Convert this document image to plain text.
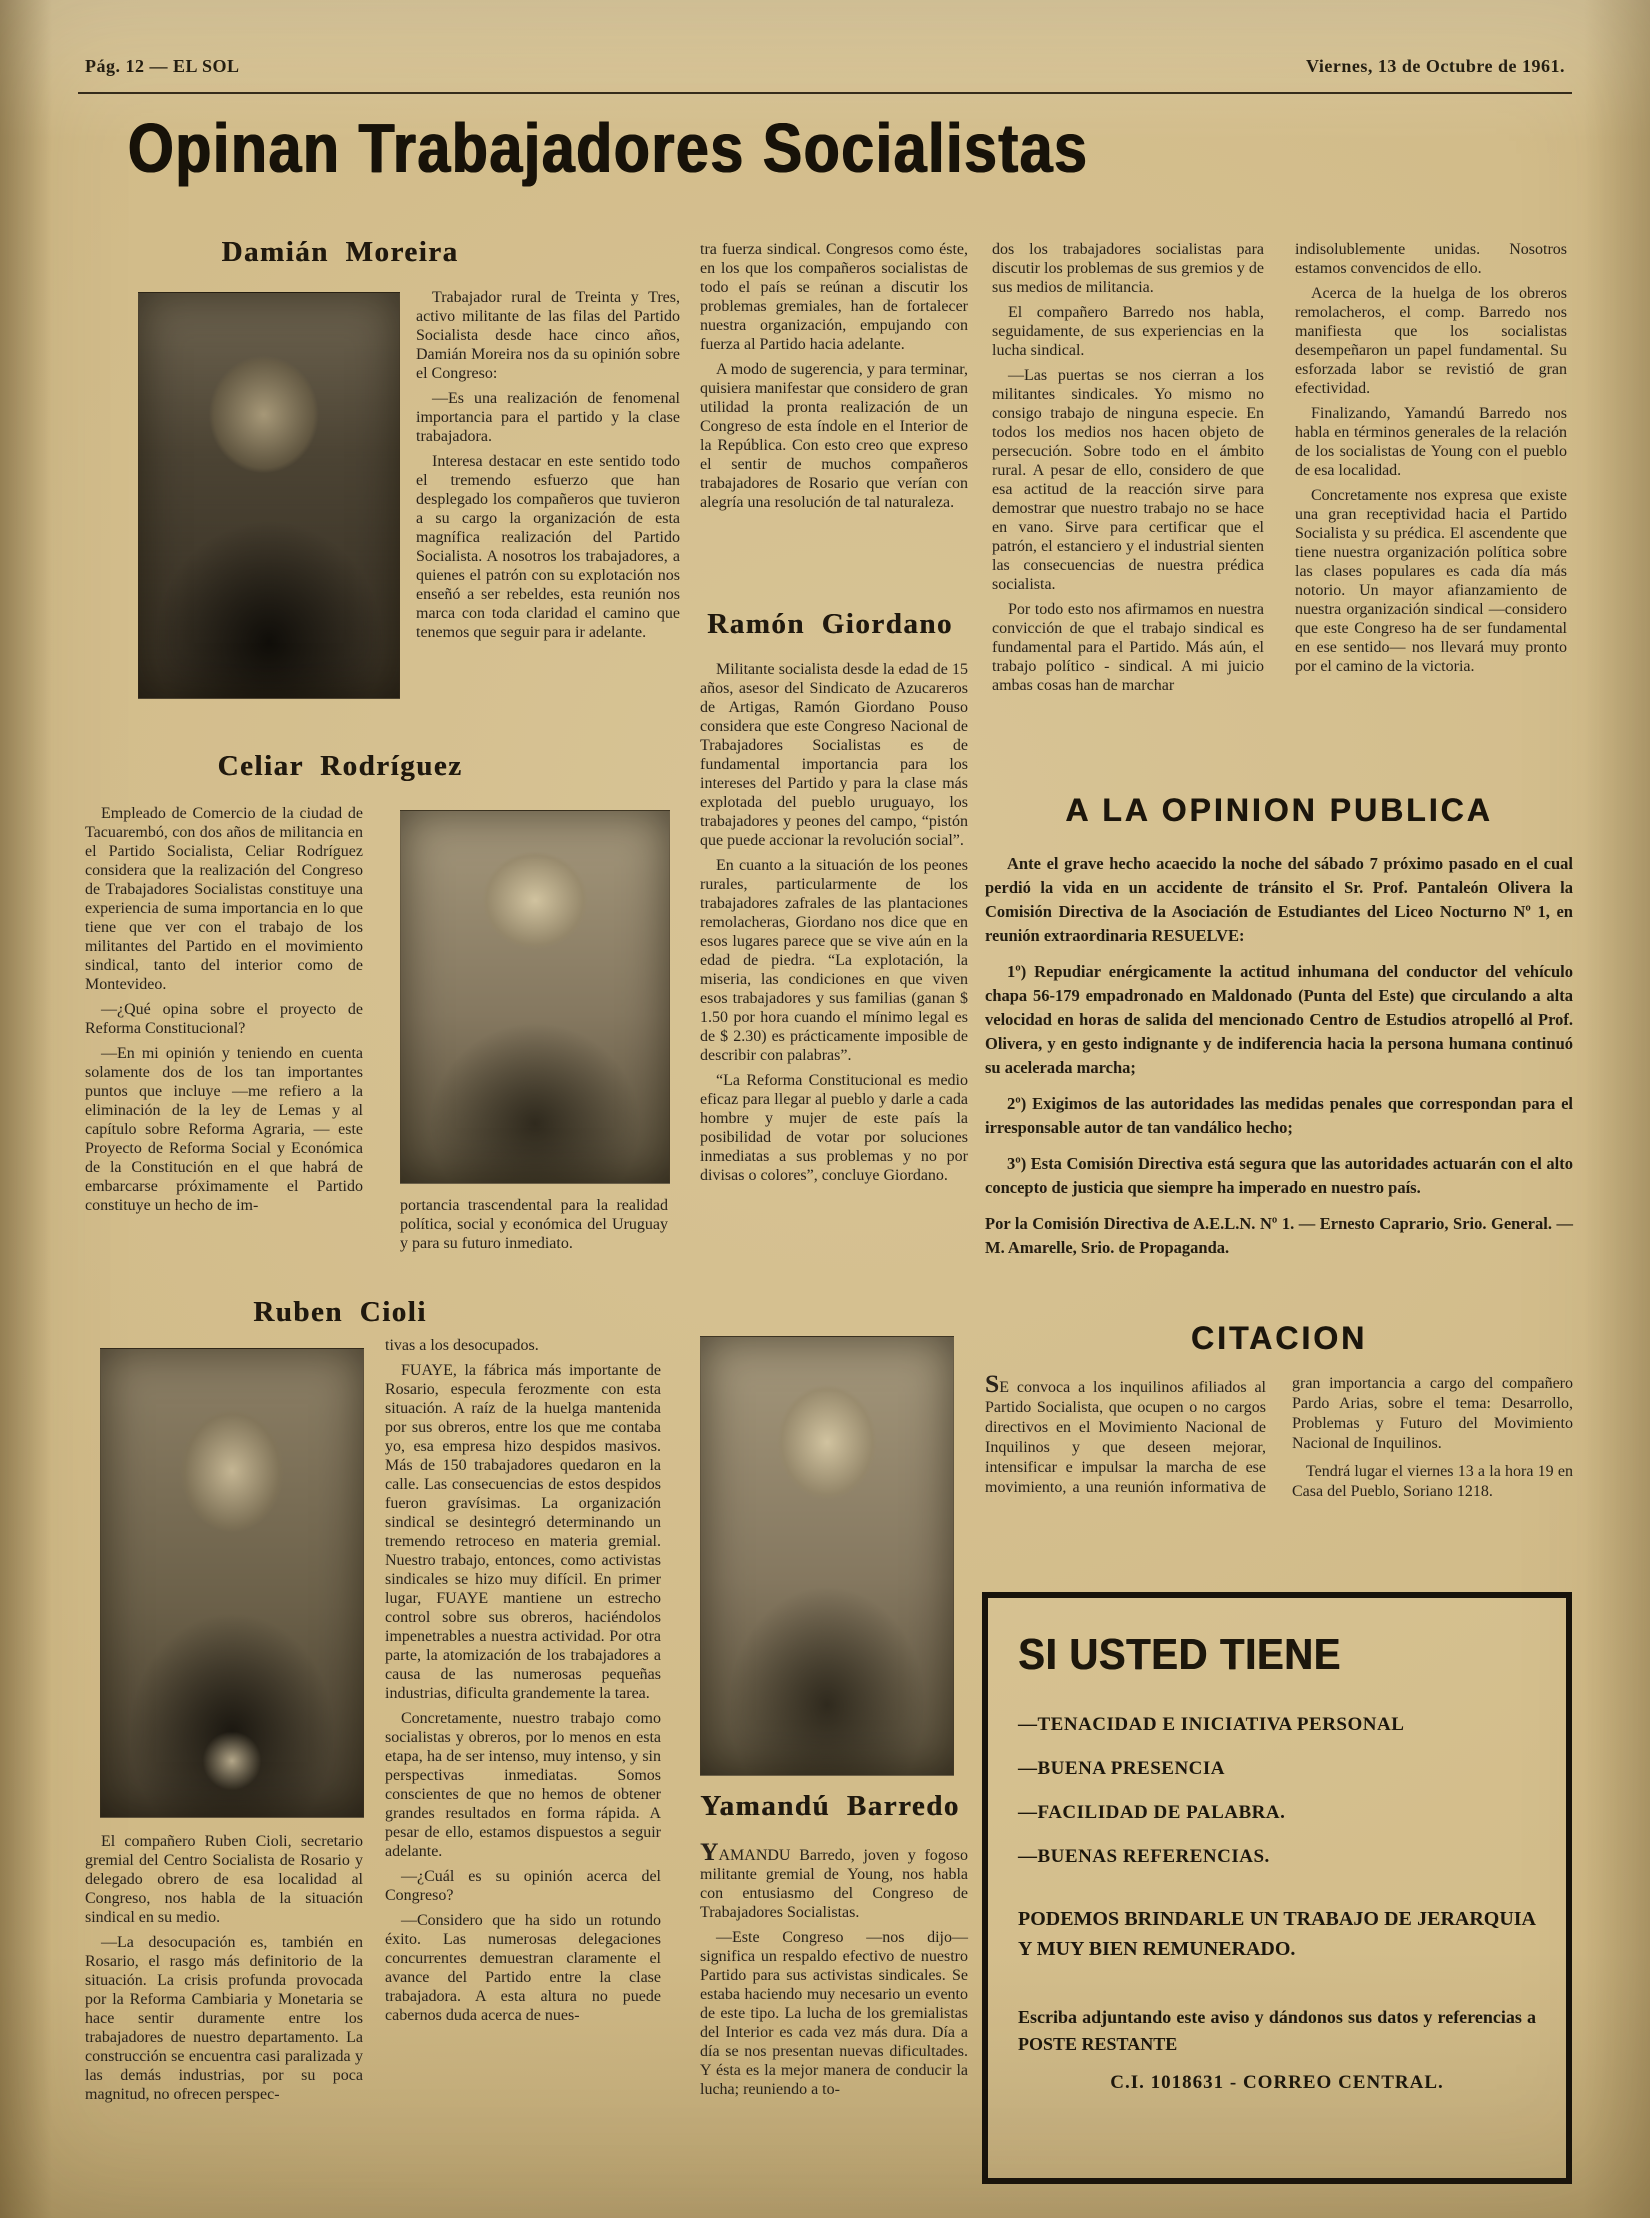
Pág. 12 — EL SOL	Viernes, 13 de Octubre de 1961.
Opinan Trabajadores Socialistas
Damián Moreira

Trabajador rural de Treinta y Tres, activo militante de las filas del Partido Socialista desde hace cinco años, Damián Moreira nos da su opinión sobre el Congreso:

—Es una realización de fenomenal importancia para el partido y la clase trabajadora.

Interesa destacar en este sentido todo el tremendo esfuerzo que han desplegado los compañeros que tuvieron a su cargo la organización de esta magnífica realización del Partido Socialista. A nosotros los trabajadores, a quienes el patrón con su explotación nos enseñó a ser rebeldes, esta reunión nos marca con toda claridad el camino que tenemos que seguir para ir adelante.

Celiar Rodríguez

Empleado de Comercio de la ciudad de Tacuarembó, con dos años de militancia en el Partido Socialista, Celiar Rodríguez considera que la realización del Congreso de Trabajadores Socialistas constituye una experiencia de suma importancia en lo que tiene que ver con el trabajo de los militantes del Partido en el movimiento sindical, tanto del interior como de Montevideo.

—¿Qué opina sobre el proyecto de Reforma Constitucional?

—En mi opinión y teniendo en cuenta solamente dos de los tan importantes puntos que incluye —me refiero a la eliminación de la ley de Lemas y al capítulo sobre Reforma Agraria, — este Proyecto de Reforma Social y Económica de la Constitución en el que habrá de embarcarse próximamente el Partido constituye un hecho de im-	portancia trascendental para la realidad política, social y económica del Uruguay y para su futuro inmediato.

tra fuerza sindical. Congresos como éste, en los que los compañeros socialistas de todo el país se reúnan a discutir los problemas gremiales, han de fortalecer nuestra organización, empujando con fuerza al Partido hacia adelante.

A modo de sugerencia, y para terminar, quisiera manifestar que considero de gran utilidad la pronta realización de un Congreso de esta índole en el Interior de la República. Con esto creo que expreso el sentir de muchos compañeros trabajadores de Rosario que verían con alegría una resolución de tal naturaleza.

Ramón Giordano

Militante socialista desde la edad de 15 años, asesor del Sindicato de Azucareros de Artigas, Ramón Giordano Pouso considera que este Congreso Nacional de Trabajadores Socialistas es de fundamental importancia para los intereses del Partido y para la clase más explotada del pueblo uruguayo, los trabajadores y peones del campo, “pistón que puede accionar la revolución social”.

En cuanto a la situación de los peones rurales, particularmente de los trabajadores zafrales de las plantaciones remolacheras, Giordano nos dice que en esos lugares parece que se vive aún en la edad de piedra. “La explotación, la miseria, las condiciones en que viven esos trabajadores y sus familias (ganan $ 1.50 por hora cuando el mínimo legal es de $ 2.30) es prácticamente imposible de describir con palabras”.

“La Reforma Constitucional es medio eficaz para llegar al pueblo y darle a cada hombre y mujer de este país la posibilidad de votar por soluciones inmediatas a sus problemas y no por divisas o colores”, concluye Giordano.

dos los trabajadores socialistas para discutir los problemas de sus gremios y de sus medios de militancia.

El compañero Barredo nos habla, seguidamente, de sus experiencias en la lucha sindical.

—Las puertas se nos cierran a los militantes sindicales. Yo mismo no consigo trabajo de ninguna especie. En todos los medios nos hacen objeto de persecución. Sobre todo en el ámbito rural. A pesar de ello, considero de que esa actitud de la reacción sirve para demostrar que nuestro trabajo no se hace en vano. Sirve para certificar que el patrón, el estanciero y el industrial sienten las consecuencias de nuestra prédica socialista.

Por todo esto nos afirmamos en nuestra convicción de que el trabajo sindical es fundamental para el Partido. Más aún, el trabajo político - sindical. A mi juicio ambas cosas han de marchar

indisolublemente unidas. Nosotros estamos convencidos de ello.

Acerca de la huelga de los obreros remolacheros, el comp. Barredo nos manifiesta que los socialistas desempeñaron un papel fundamental. Su esforzada labor se revistió de gran efectividad.

Finalizando, Yamandú Barredo nos habla en términos generales de la relación de los socialistas de Young con el pueblo de esa localidad.

Concretamente nos expresa que existe una gran receptividad hacia el Partido Socialista y su prédica. El ascendente que tiene nuestra organización política sobre las clases populares es cada día más notorio. Un mayor afianzamiento de nuestra organización sindical —considero que este Congreso ha de ser fundamental en ese sentido— nos llevará muy pronto por el camino de la victoria.

A LA OPINION PUBLICA

Ante el grave hecho acaecido la noche del sábado 7 próximo pasado en el cual perdió la vida en un accidente de tránsito el Sr. Prof. Pantaleón Olivera la Comisión Directiva de la Asociación de Estudiantes del Liceo Nocturno Nº 1, en reunión extraordinaria RESUELVE:

1º) Repudiar enérgicamente la actitud inhumana del conductor del vehículo chapa 56-179 empadronado en Maldonado (Punta del Este) que circulando a alta velocidad en horas de salida del mencionado Centro de Estudios atropelló al Prof. Olivera, y en gesto indignante y de indiferencia hacia la persona humana continuó su acelerada marcha;

2º) Exigimos de las autoridades las medidas penales que correspondan para el irresponsable autor de tan vandálico hecho;

3º) Esta Comisión Directiva está segura que las autoridades actuarán con el alto concepto de justicia que siempre ha imperado en nuestro país.

Por la Comisión Directiva de A.E.L.N. Nº 1. — Ernesto Caprario, Srio. General. — M. Amarelle, Srio. de Propaganda.

Ruben Cioli

El compañero Ruben Cioli, secretario gremial del Centro Socialista de Rosario y delegado obrero de esa localidad al Congreso, nos habla de la situación sindical en su medio.

—La desocupación es, también en Rosario, el rasgo más definitorio de la situación. La crisis profunda provocada por la Reforma Cambiaria y Monetaria se hace sentir duramente entre los trabajadores de nuestro departamento. La construcción se encuentra casi paralizada y las demás industrias, por su poca magnitud, no ofrecen perspec-

tivas a los desocupados.

FUAYE, la fábrica más importante de Rosario, especula ferozmente con esta situación. A raíz de la huelga mantenida por sus obreros, entre los que me contaba yo, esa empresa hizo despidos masivos. Más de 150 trabajadores quedaron en la calle. Las consecuencias de estos despidos fueron gravísimas. La organización sindical se desintegró determinando un tremendo retroceso en materia gremial. Nuestro trabajo, entonces, como activistas sindicales se hizo muy difícil. En primer lugar, FUAYE mantiene un estrecho control sobre sus obreros, haciéndolos impenetrables a nuestra actividad. Por otra parte, la atomización de los trabajadores a causa de las numerosas pequeñas industrias, dificulta grandemente la tarea.

Concretamente, nuestro trabajo como socialistas y obreros, por lo menos en esta etapa, ha de ser intenso, muy intenso, y sin perspectivas inmediatas. Somos conscientes de que no hemos de obtener grandes resultados en forma rápida. A pesar de ello, estamos dispuestos a seguir adelante.

—¿Cuál es su opinión acerca del Congreso?

—Considero que ha sido un rotundo éxito. Las numerosas delegaciones concurrentes demuestran claramente el avance del Partido entre la clase trabajadora. A esta altura no puede cabernos duda acerca de nues-

Yamandú Barredo

YAMANDU Barredo, joven y fogoso militante gremial de Young, nos habla con entusiasmo del Congreso de Trabajadores Socialistas.

—Este Congreso —nos dijo— significa un respaldo efectivo de nuestro Partido para sus activistas sindicales. Se estaba haciendo muy necesario un evento de este tipo. La lucha de los gremialistas del Interior es cada vez más dura. Día a día se nos presentan nuevas dificultades. Y ésta es la mejor manera de conducir la lucha; reuniendo a to-

CITACION

SE convoca a los inquilinos afiliados al Partido Socialista, que ocupen o no cargos directivos en el Movimiento Nacional de Inquilinos y que deseen mejorar, intensificar e impulsar la marcha de ese movimiento, a una reunión informativa de gran importancia a cargo del compañero Pardo Arias, sobre el tema: Desarrollo, Problemas y Futuro del Movimiento Nacional de Inquilinos.

Tendrá lugar el viernes 13 a la hora 19 en Casa del Pueblo, Soriano 1218.

SI USTED TIENE

—TENACIDAD E INICIATIVA PERSONAL

—BUENA PRESENCIA

—FACILIDAD DE PALABRA.

—BUENAS REFERENCIAS.

PODEMOS BRINDARLE UN TRABAJO DE JERARQUIA Y MUY BIEN REMUNERADO.

Escriba adjuntando este aviso y dándonos sus datos y referencias a POSTE RESTANTE

C.I. 1018631 - CORREO CENTRAL.
